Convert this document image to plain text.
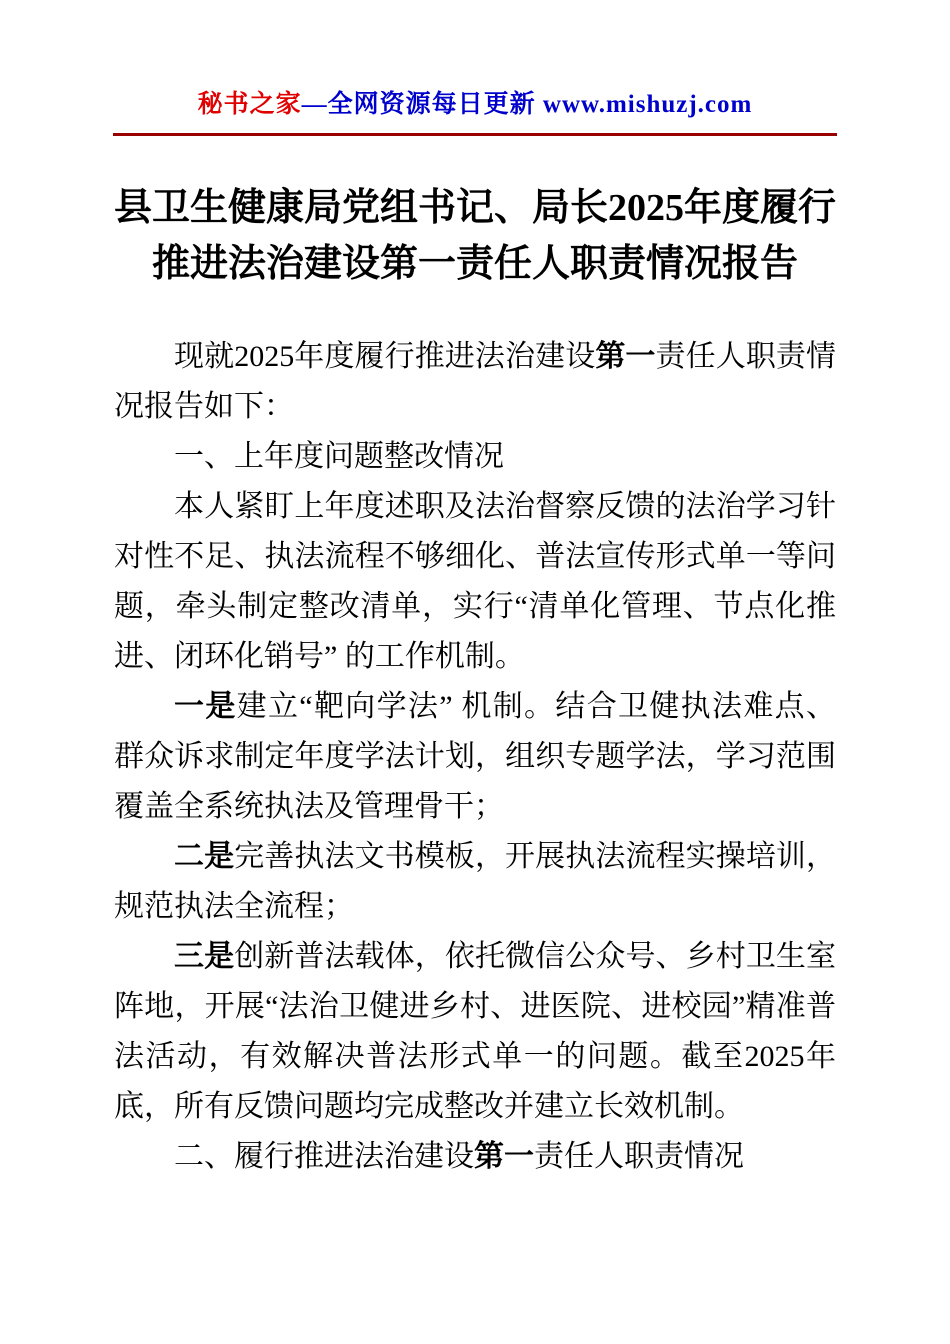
秘书之家—全网资源每日更新 www.mishuzj.com
县卫生健康局党组书记、局长2025年度履行
推进法治建设第一责任人职责情况报告

现就2025年度履行推进法治建设第一责任人职责情况报告如下：

一、上年度问题整改情况

本人紧盯上年度述职及法治督察反馈的法治学习针对性不足、执法流程不够细化、普法宣传形式单一等问题，牵头制定整改清单，实行“清单化管理、节点化推进、闭环化销号” 的工作机制。

一是建立“靶向学法” 机制。结合卫健执法难点、群众诉求制定年度学法计划，组织专题学法，学习范围覆盖全系统执法及管理骨干；

二是完善执法文书模板，开展执法流程实操培训，规范执法全流程；

三是创新普法载体，依托微信公众号、乡村卫生室阵地，开展“法治卫健进乡村、进医院、进校园”精准普法活动，有效解决普法形式单一的问题。截至2025年底，所有反馈问题均完成整改并建立长效机制。

二、履行推进法治建设第一责任人职责情况
